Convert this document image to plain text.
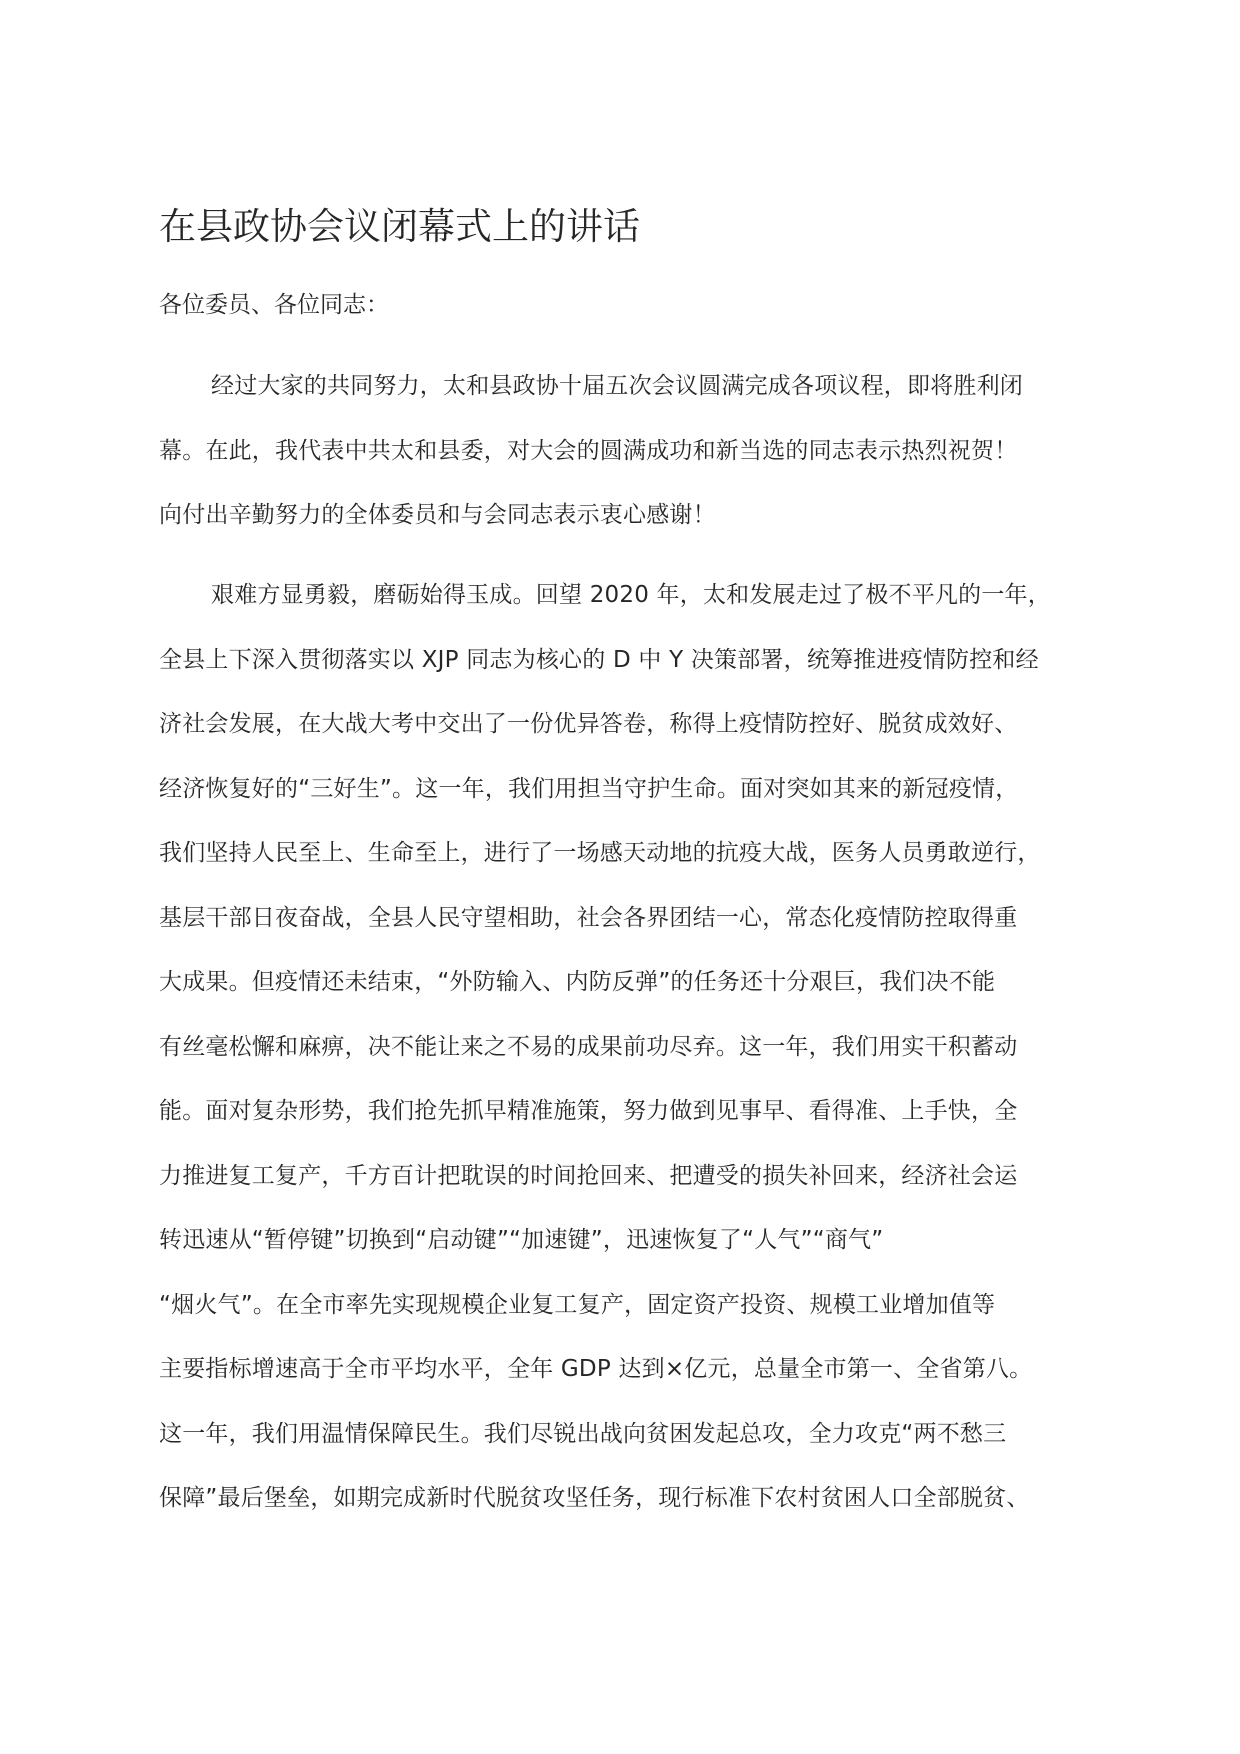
在县政协会议闭幕式上的讲话

各位委员、各位同志：

经过大家的共同努力，太和县政协十届五次会议圆满完成各项议程，即将胜利闭
幕。在此，我代表中共太和县委，对大会的圆满成功和新当选的同志表示热烈祝贺！
向付出辛勤努力的全体委员和与会同志表示衷心感谢！
艰难方显勇毅，磨砺始得玉成。回望 2020 年，太和发展走过了极不平凡的一年，
全县上下深入贯彻落实以 XJP 同志为核心的 D 中 Y 决策部署，统筹推进疫情防控和经
济社会发展，在大战大考中交出了一份优异答卷，称得上疫情防控好、脱贫成效好、
经济恢复好的“三好生”。这一年，我们用担当守护生命。面对突如其来的新冠疫情，
我们坚持人民至上、生命至上，进行了一场感天动地的抗疫大战，医务人员勇敢逆行，
基层干部日夜奋战，全县人民守望相助，社会各界团结一心，常态化疫情防控取得重
大成果。但疫情还未结束，“外防输入、内防反弹”的任务还十分艰巨，我们决不能
有丝毫松懈和麻痹，决不能让来之不易的成果前功尽弃。这一年，我们用实干积蓄动
能。面对复杂形势，我们抢先抓早精准施策，努力做到见事早、看得准、上手快，全
力推进复工复产，千方百计把耽误的时间抢回来、把遭受的损失补回来，经济社会运
转迅速从“暂停键”切换到“启动键”“加速键”，迅速恢复了“人气”“商气”
“烟火气”。在全市率先实现规模企业复工复产，固定资产投资、规模工业增加值等
主要指标增速高于全市平均水平，全年 GDP 达到×亿元，总量全市第一、全省第八。
这一年，我们用温情保障民生。我们尽锐出战向贫困发起总攻，全力攻克“两不愁三
保障”最后堡垒，如期完成新时代脱贫攻坚任务，现行标准下农村贫困人口全部脱贫、
